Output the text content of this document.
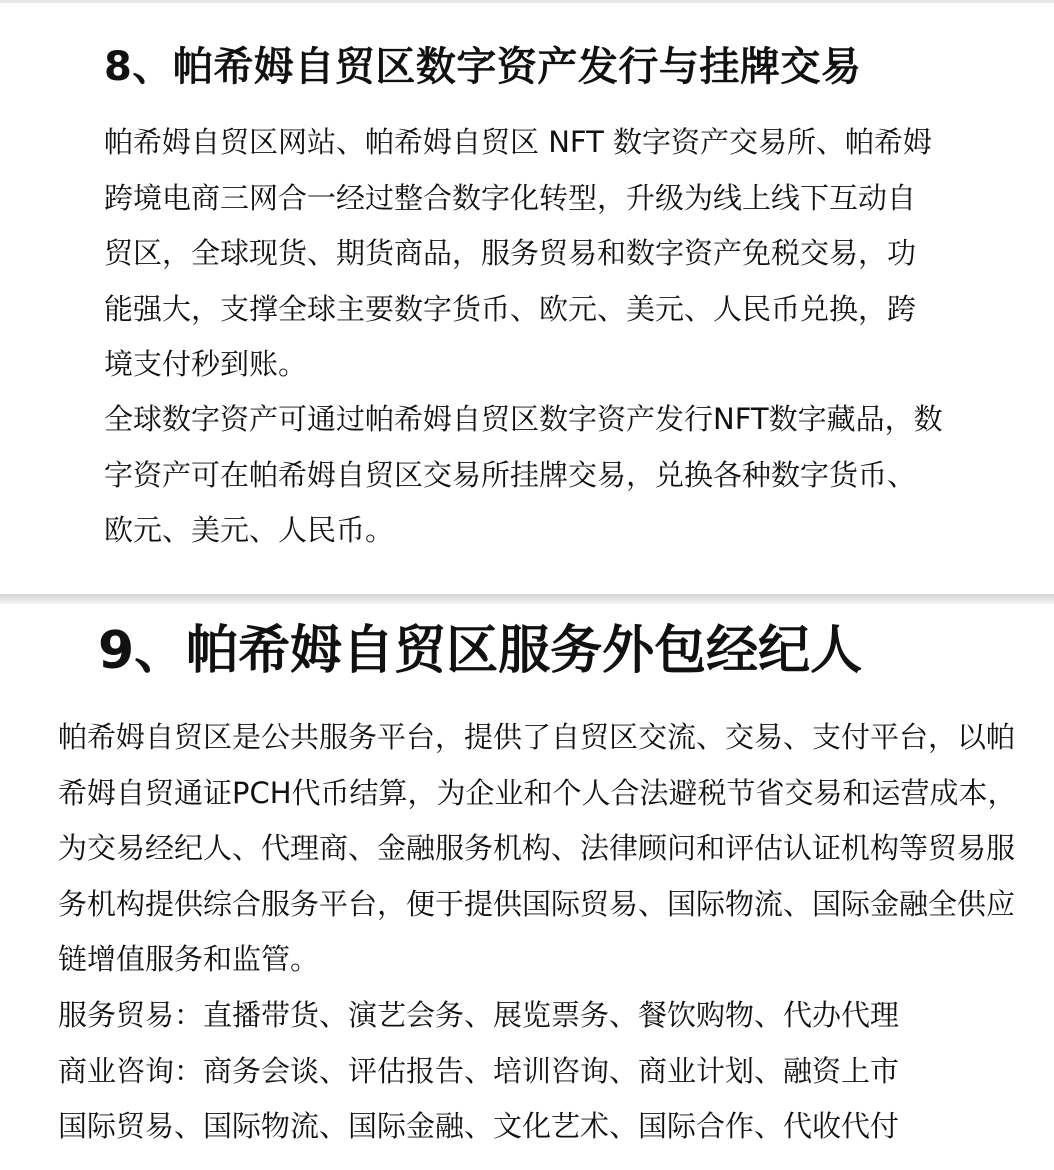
8、帕希姆自贸区数字资产发行与挂牌交易

帕希姆自贸区网站、帕希姆自贸区 NFT 数字资产交易所、帕希姆跨境电商三网合一经过整合数字化转型，升级为线上线下互动自贸区，全球现货、期货商品，服务贸易和数字资产免税交易，功能强大，支撑全球主要数字货币、欧元、美元、人民币兑换，跨境支付秒到账。

全球数字资产可通过帕希姆自贸区数字资产发行NFT数字藏品，数字资产可在帕希姆自贸区交易所挂牌交易，兑换各种数字货币、欧元、美元、人民币。

9、帕希姆自贸区服务外包经纪人

帕希姆自贸区是公共服务平台，提供了自贸区交流、交易、支付平台，以帕希姆自贸通证PCH代币结算，为企业和个人合法避税节省交易和运营成本，为交易经纪人、代理商、金融服务机构、法律顾问和评估认证机构等贸易服务机构提供综合服务平台，便于提供国际贸易、国际物流、国际金融全供应链增值服务和监管。

服务贸易：直播带货、演艺会务、展览票务、餐饮购物、代办代理
商业咨询：商务会谈、评估报告、培训咨询、商业计划、融资上市
国际贸易、国际物流、国际金融、文化艺术、国际合作、代收代付
